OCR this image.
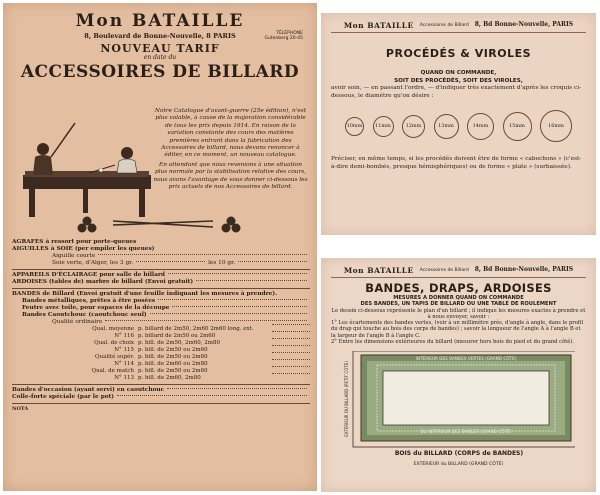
Mon BATAILLE
8, Boulevard de Bonne-Nouvelle, 8 PARIS	TÉLÉPHONE
Gutenberg 20-45
NOUVEAU TARIF
en date du
ACCESSOIRES DE BILLARD
Notre Catalogue d'avant-guerre (25e édition), n'est plus valable, à cause de la majoration considérable de tous les prix depuis 1914. En raison de la variation constante des cours des matières premières entrant dans la fabrication des Accessoires de billard, nous devons renoncer à éditer, en ce moment, un nouveau catalogue.
En attendant que nous revenions à une situation plus normale par la stabilisation relative des cours, nous avons l'avantage de vous donner ci-dessous les prix actuels de nos Accessoires de billard.
AGRAFES à ressort pour porte-queues
AIGUILLES à SOIE (per empiler les queues)
Aiguille courte
Soie verte, d'Alger, les 3 gr.	les 10 gr.
APPAREILS D'ÉCLAIRAGE pour salle de billard
ARDOISES (tables de) marbre de billard (Envoi gratuit)
BANDES de Billard (Envoi gratuit d'une feuille indiquant les mesures à prendre).
Bandes métalliques, prêtes à être posées
Feutre avec toile, pour espaces de la découpe
Bandes Caoutchouc (caoutchouc seul)
Qualité ordinaire
Qual. moyenne p. billard de 2m50, 2m60 2m60 long. ext.
N° 116 p. billard de 2m50 ou 2m60
Qual. de choix p. bill. de 2m50, 2m60, 2m80
N° 115 p. bill. de 2m50 ou 2m60
Qualité supér. p. bill. de 2m50 ou 2m60
N° 114 p. bill. de 2m60 ou 2m80
Qual. de match p. bill. de 2m50 ou 2m60
N° 113 p. bill. de 2m60, 2m80
Bandes d'occasion (ayant servi) en caoutchouc
Colle-forte spéciale (par le pot)
NOTA
Mon BATAILLE Accessoires de Billard 8, Bd Bonne-Nouvelle, PARIS
PROCÉDÉS & VIROLES
QUAND ON COMMANDE,
SOIT DES PROCÉDÉS, SOIT DES VIROLES,
avoir soin, — en passant l'ordre, — d'indiquer très exactement d'après les croquis ci-dessous, le diamètre qu'on désire :
10mm	11mm	12mm	13mm	14mm	15mm	16mm
Préciser, en même temps, si les procédés doivent être de forme « cabochons » (c'est-à-dire demi-bombés, presque hémisphériques) ou de forme « plate » (surbaissée).
Mon BATAILLE Accessoires de Billard 8, Bd Bonne-Nouvelle, PARIS
BANDES, DRAPS, ARDOISES
MESURES A DONNER QUAND ON COMMANDE
DES BANDES, UN TAPIS DE BILLARD OU UNE TABLE DE ROULEMENT
Le dessin ci-dessous représente le plan d'un billard ; il indique les mesures exactes à prendre et à nous envoyer, savoir :
1° Les écartements des bandes vertes, (voir à un millimètre près, d'angle à angle, dans le profil du drap qui touche au bois des corps de bandes) ; savoir la longueur de l'angle A à l'angle B et la largeur de l'angle B à l'angle C.
2° Entre les dimensions extérieures du billard (mesurer hors bois du pied et du grand côté).
INTÉRIEUR DES BANDES VERTES (GRAND CÔTÉ)
DU INTÉRIEUR DES BANDES (GRAND CÔTÉ)
EXTÉRIEUR DU BILLARD (PETIT CÔTÉ)
BOIS du BILLARD (CORPS de BANDES)
EXTÉRIEUR du BILLARD (GRAND CÔTÉ)
